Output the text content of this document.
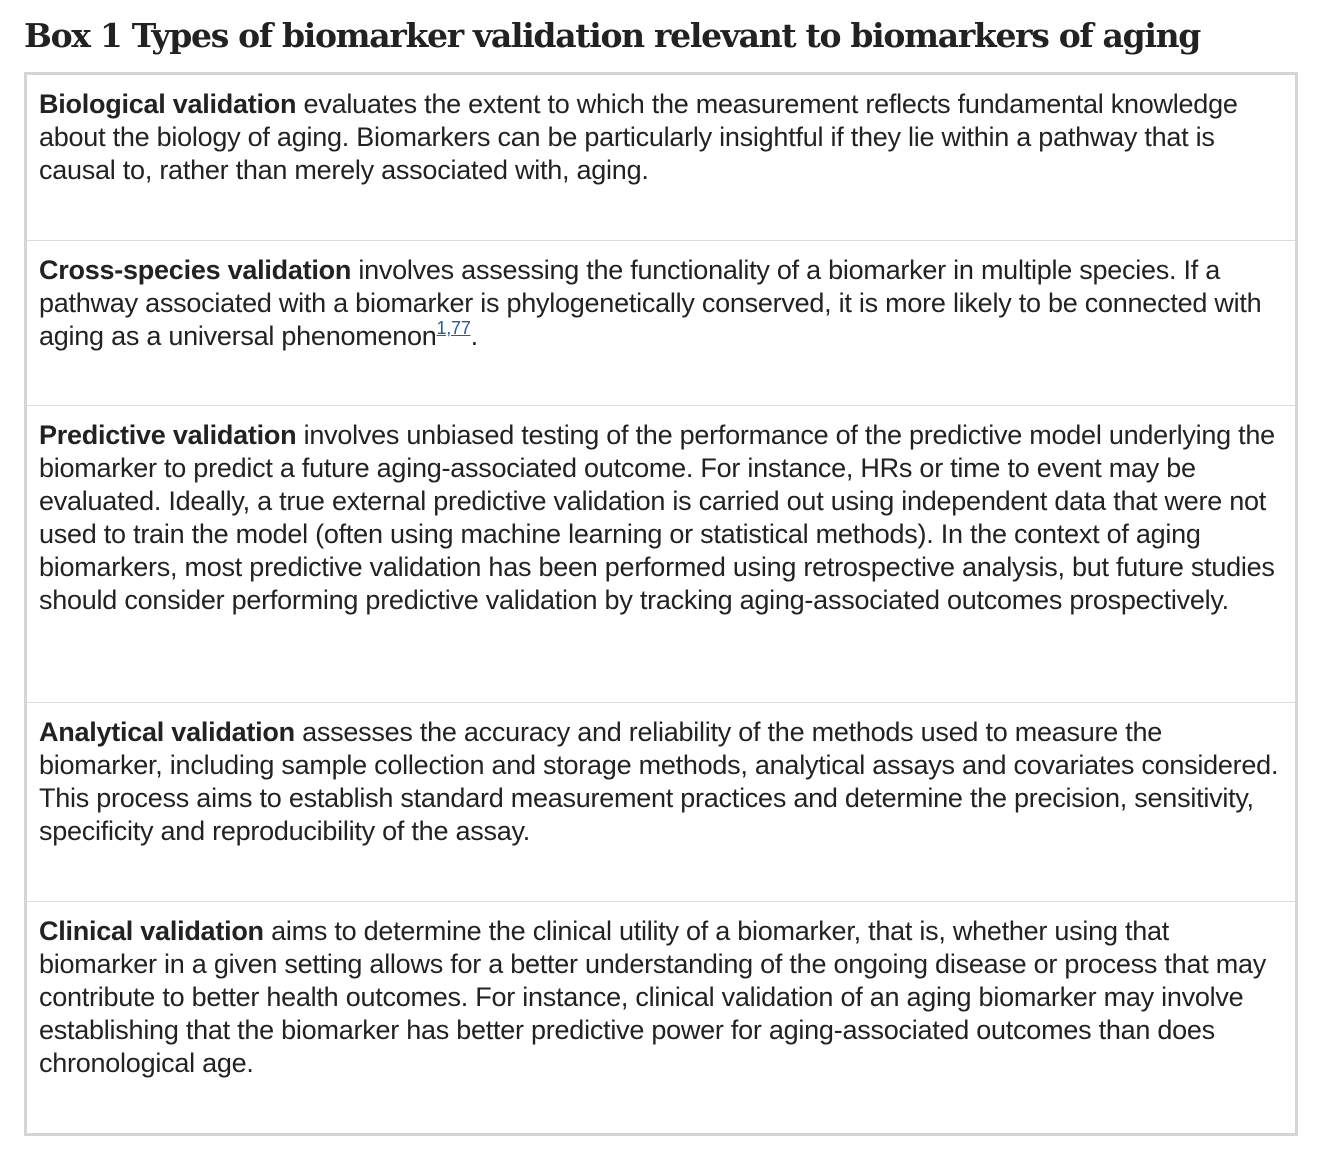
Box 1 Types of biomarker validation relevant to biomarkers of aging

Biological validation evaluates the extent to which the measurement reflects fundamental knowledge about the biology of aging. Biomarkers can be particularly insightful if they lie within a pathway that is causal to, rather than merely associated with, aging.

Cross-species validation involves assessing the functionality of a biomarker in multiple species. If a pathway associated with a biomarker is phylogenetically conserved, it is more likely to be connected with aging as a universal phenomenon$^{1,77}$.

Predictive validation involves unbiased testing of the performance of the predictive model underlying the biomarker to predict a future aging-associated outcome. For instance, HRs or time to event may be evaluated. Ideally, a true external predictive validation is carried out using independent data that were not used to train the model (often using machine learning or statistical methods). In the context of aging biomarkers, most predictive validation has been performed using retrospective analysis, but future studies should consider performing predictive validation by tracking aging-associated outcomes prospectively.

Analytical validation assesses the accuracy and reliability of the methods used to measure the biomarker, including sample collection and storage methods, analytical assays and covariates considered. This process aims to establish standard measurement practices and determine the precision, sensitivity, specificity and reproducibility of the assay.

Clinical validation aims to determine the clinical utility of a biomarker, that is, whether using that biomarker in a given setting allows for a better understanding of the ongoing disease or process that may contribute to better health outcomes. For instance, clinical validation of an aging biomarker may involve establishing that the biomarker has better predictive power for aging-associated outcomes than does chronological age.
